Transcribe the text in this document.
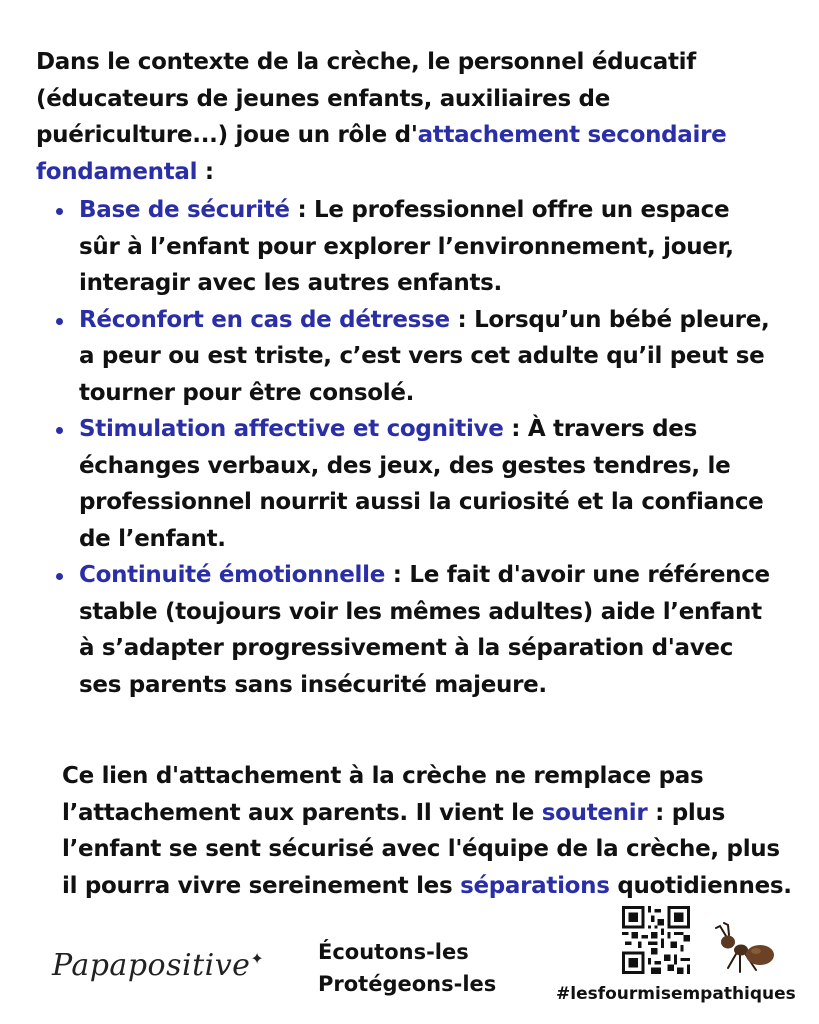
Dans le contexte de la crèche, le personnel éducatif (éducateurs de jeunes enfants, auxiliaires de puériculture...) joue un rôle d'attachement secondaire fondamental :

Base de sécurité : Le professionnel offre un espace sûr à l’enfant pour explorer l’environnement, jouer, interagir avec les autres enfants.
Réconfort en cas de détresse : Lorsqu’un bébé pleure, a peur ou est triste, c’est vers cet adulte qu’il peut se tourner pour être consolé.
Stimulation affective et cognitive : À travers des échanges verbaux, des jeux, des gestes tendres, le professionnel nourrit aussi la curiosité et la confiance de l’enfant.
Continuité émotionnelle : Le fait d'avoir une référence stable (toujours voir les mêmes adultes) aide l’enfant à s’adapter progressivement à la séparation d'avec ses parents sans insécurité majeure.

Ce lien d'attachement à la crèche ne remplace pas l’attachement aux parents. Il vient le soutenir : plus l’enfant se sent sécurisé avec l'équipe de la crèche, plus il pourra vivre sereinement les séparations quotidiennes.

Papapositive✦	Écoutons-les
Protégeons-les	#lesfourmisempathiques
